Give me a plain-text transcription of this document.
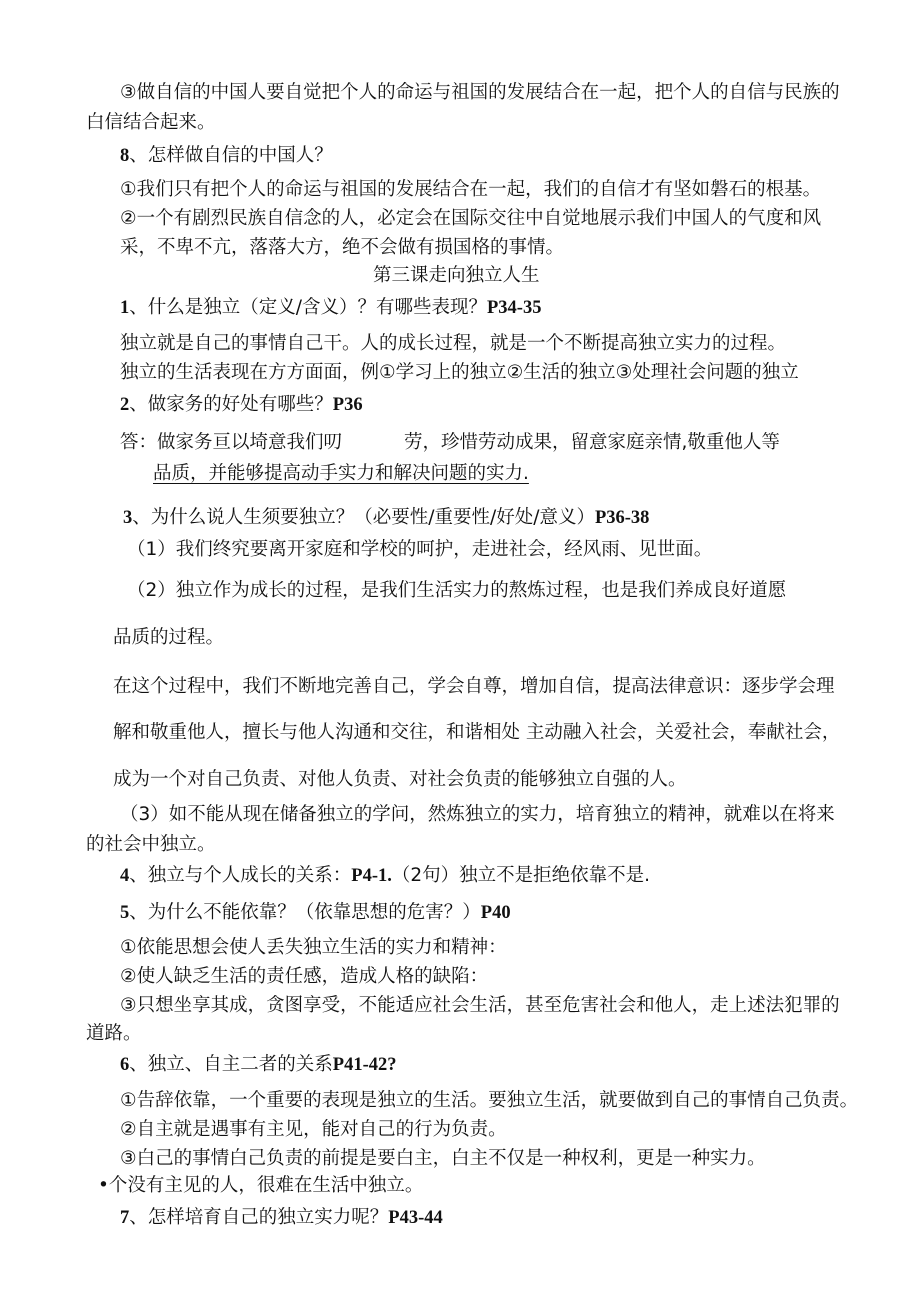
③做自信的中国人要自觉把个人的命运与祖国的发展结合在一起，把个人的自信与民族的
白信结合起来。
8、怎样做自信的中国人？
①我们只有把个人的命运与祖国的发展结合在一起，我们的自信才有坚如磐石的根基。
②一个有剧烈民族自信念的人，必定会在国际交往中自觉地展示我们中国人的气度和风
采，不卑不亢，落落大方，绝不会做有损国格的事情。
第三课走向独立人生
1、什么是独立（定义/含义）？有哪些表现？P34-35
独立就是自己的事情自己干。人的成长过程，就是一个不断提高独立实力的过程。
独立的生活表现在方方面面，例①学习上的独立②生活的独立③处理社会问题的独立
2、做家务的好处有哪些？P36
答：做家务亘以埼意我们叨	劳，珍惜劳动成果，留意家庭亲情,敬重他人等
品质，并能够提高动手实力和解决问题的实力.
3、为什么说人生须要独立？（必要性/重要性/好处/意义）P36-38
（1）我们终究要离开家庭和学校的呵护，走进社会，经风雨、见世面。
（2）独立作为成长的过程，是我们生活实力的熬炼过程，也是我们养成良好道愿
品质的过程。
在这个过程中，我们不断地完善自己，学会自尊，增加自信，提高法律意识：逐步学会理
解和敬重他人，擅长与他人沟通和交往，和谐相处 主动融入社会，关爱社会，奉献社会，
成为一个对自己负责、对他人负责、对社会负责的能够独立自强的人。
（3）如不能从现在储备独立的学问，然炼独立的实力，培育独立的精神，就难以在将来
的社会中独立。
4、独立与个人成长的关系：P4-1.（2句）独立不是拒绝依靠不是.
5、为什么不能依靠？（依靠思想的危害？）P40
①依能思想会使人丢失独立生活的实力和精神：
②使人缺乏生活的责任感，造成人格的缺陷：
③只想坐享其成，贪图享受，不能适应社会生活，甚至危害社会和他人，走上述法犯罪的
道路。
6、独立、自主二者的关系P41-42?
①告辞依靠，一个重要的表现是独立的生活。要独立生活，就要做到自己的事情自己负责。
②自主就是遇事有主见，能对自己的行为负责。
③白己的事情白己负责的前提是要白主，白主不仅是一种权利，更是一种实力。
•个没有主见的人，很难在生活中独立。
7、怎样培育自己的独立实力呢？P43-44
